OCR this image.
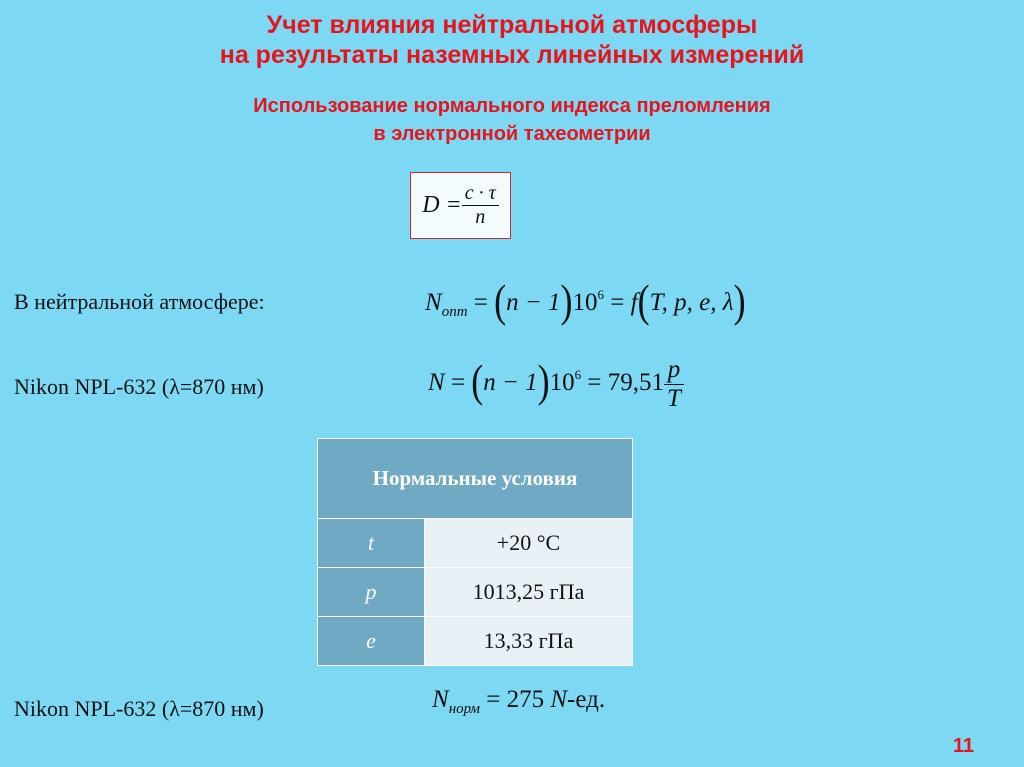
Учет влияния нейтральной атмосферы
на результаты наземных линейных измерений
Использование нормального индекса преломления
в электронной тахеометрии
$D = \frac{c \cdot \tau}{n}$
В нейтральной атмосфере:	$N_{опт} = (n - 1)10^6 = f(T$, p, e, λ)
Nikon NPL-632 (λ=870 нм)	$N = (n - 1)10^6 = 79,51 \frac{p}{T}$
Нормальные условия	
t	+20 °С
p	1013,25 гПа
e	13,33 гПа
Nikon NPL-632 (λ=870 нм)	$N_{норм} = 275$ N-ед.
11
